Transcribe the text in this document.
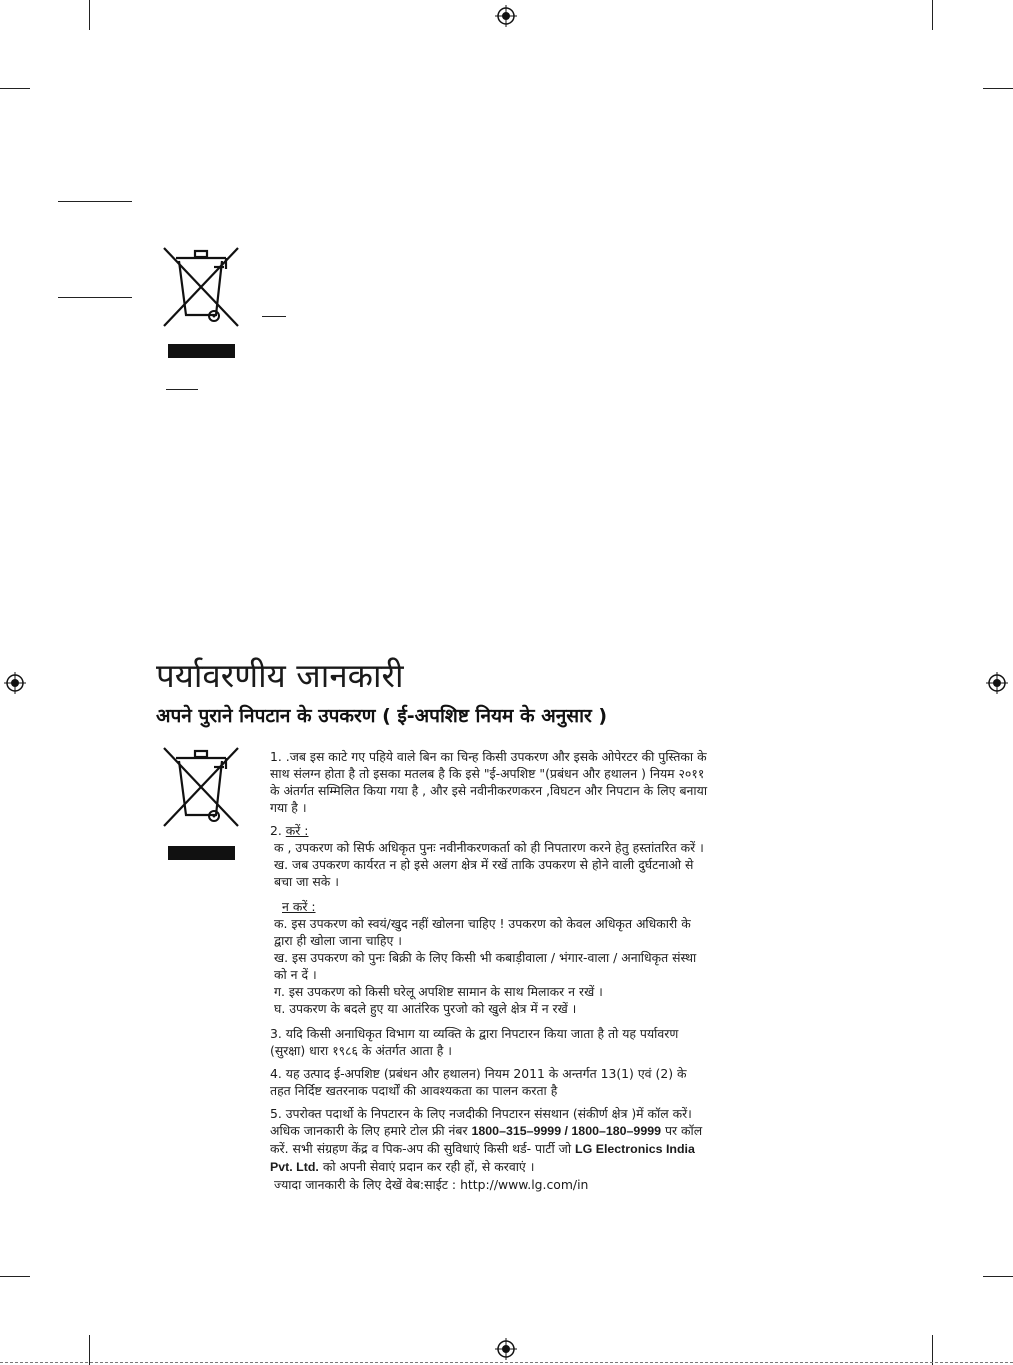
पर्यावरणीय जानकारी
अपने पुराने निपटान के उपकरण ( ई-अपशिष्ट नियम के अनुसार )

1. .जब इस काटे गए पहिये वाले बिन का चिन्ह किसी उपकरण और इसके ओपेरटर की पुस्तिका के साथ संलग्न होता है तो इसका मतलब है कि इसे "ई-अपशिष्ट "(प्रबंधन और हथालन ) नियम २०११ के अंतर्गत सम्मिलित किया गया है , और इसे नवीनीकरणकरन ,विघटन और निपटान के लिए बनाया गया है ।

2. करें :

क , उपकरण को सिर्फ अधिकृत पुनः नवीनीकरणकर्ता को ही निपतारण करने हेतु हस्तांतरित करें ।

ख. जब उपकरण कार्यरत न हो इसे अलग क्षेत्र में रखें ताकि उपकरण से होने वाली दुर्घटनाओ से बचा जा सके ।

न करें :

क. इस उपकरण को स्वयं/खुद नहीं खोलना चाहिए ! उपकरण को केवल अधिकृत अधिकारी के द्वारा ही खोला जाना चाहिए ।

ख. इस उपकरण को पुनः बिक्री के लिए किसी भी कबाड़ीवाला / भंगार-वाला / अनाधिकृत संस्था को न दें ।

ग. इस उपकरण को किसी घरेलू अपशिष्ट सामान के साथ मिलाकर न रखें ।

घ. उपकरण के बदले हुए या आतंरिक पुरजो को खुले क्षेत्र में न रखें ।

3. यदि किसी अनाधिकृत विभाग या व्यक्ति के द्वारा निपटारन किया जाता है तो यह पर्यावरण (सुरक्षा) धारा १९८६ के अंतर्गत आता है ।

4. यह उत्पाद ई-अपशिष्ट (प्रबंधन और हथालन) नियम 2011 के अन्तर्गत 13(1) एवं (2) के तहत निर्दिष्ट खतरनाक पदार्थों की आवश्यकता का पालन करता है

5. उपरोक्त पदार्थो के निपटारन के लिए नजदीकी निपटारन संसथान (संकीर्ण क्षेत्र )में कॉल करें। अधिक जानकारी के लिए हमारे टोल फ्री नंबर 1800–315–9999 / 1800–180–9999 पर कॉल करें. सभी संग्रहण केंद्र व पिक-अप की सुविधाएं किसी थर्ड- पार्टी जो LG Electronics India Pvt. Ltd. को अपनी सेवाएं प्रदान कर रही हों, से करवाएं ।

ज्यादा जानकारी के लिए देखें वेब:साईट : http://www.lg.com/in
